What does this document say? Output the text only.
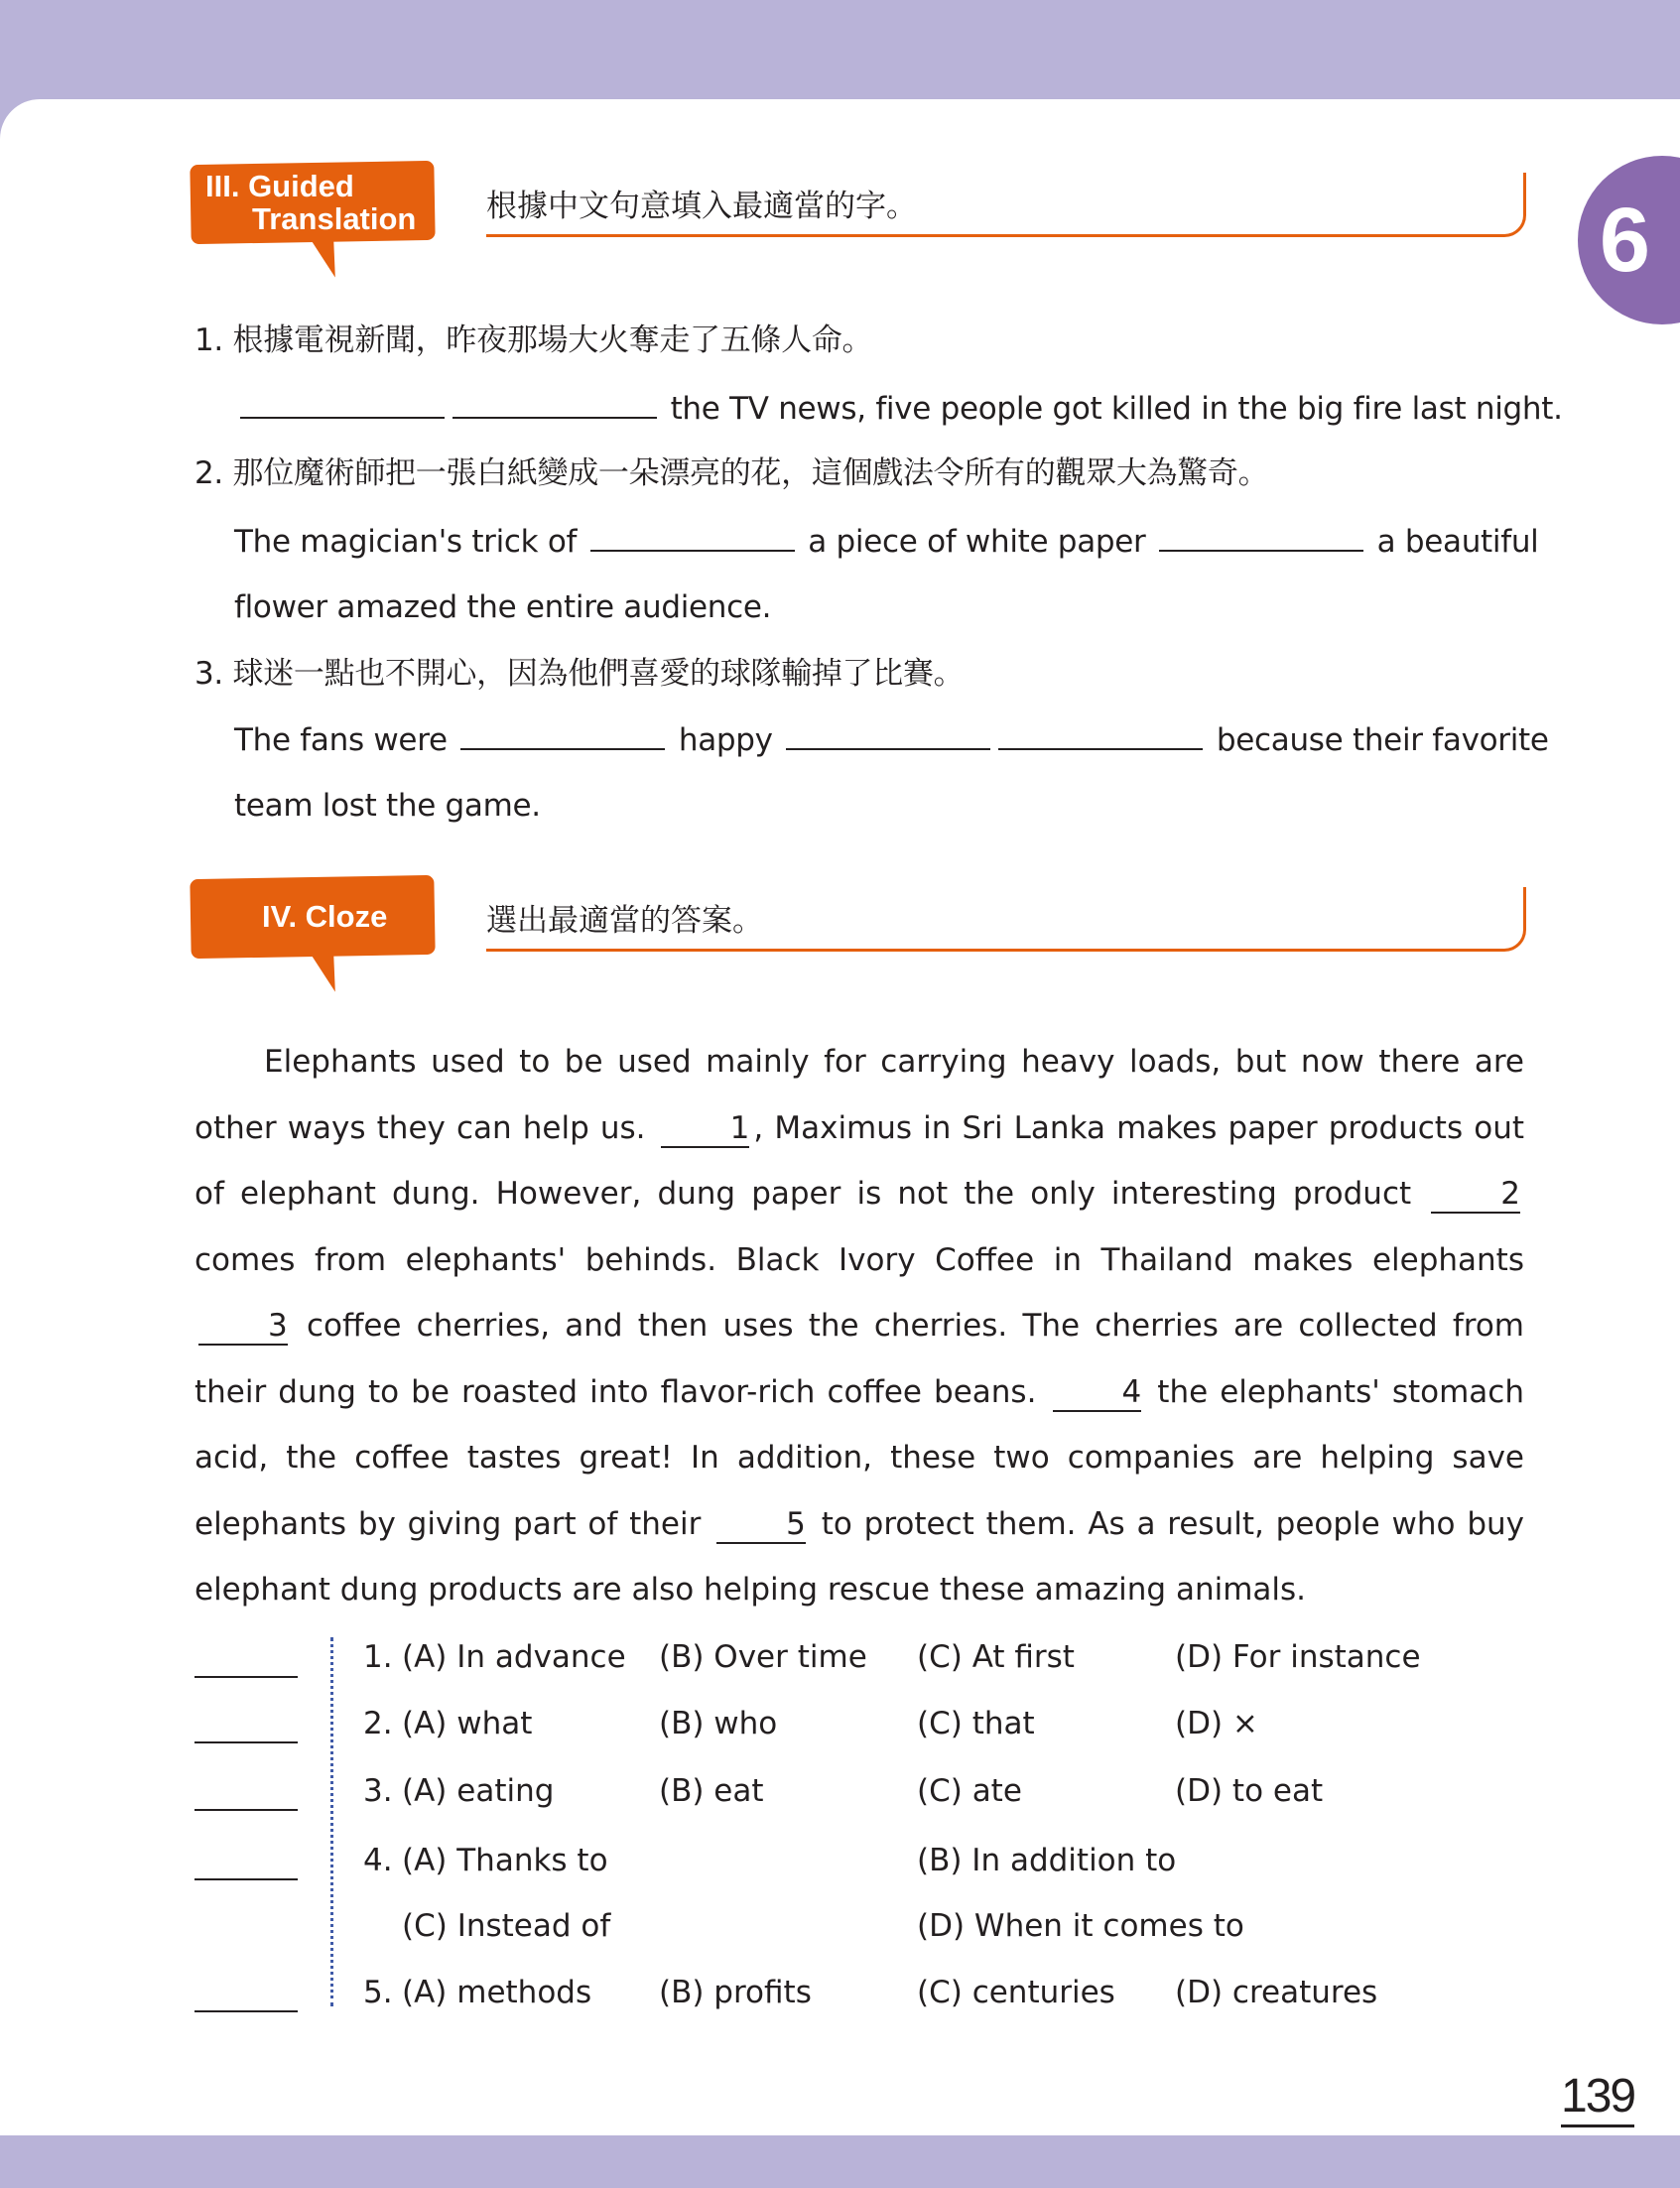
6
III. Guided
Translation 根據中文句意填入最適當的字。
1. 根據電視新聞，昨夜那場大火奪走了五條人命。
the TV news, five people got killed in the big fire last night.
2. 那位魔術師把一張白紙變成一朵漂亮的花，這個戲法令所有的觀眾大為驚奇。
The magician's trick of	a piece of white paper	a beautiful
flower amazed the entire audience.
3. 球迷一點也不開心，因為他們喜愛的球隊輸掉了比賽。
The fans were	happy	because their favorite
team lost the game.
IV. Cloze	選出最適當的答案。

Elephants used to be used mainly for carrying heavy loads, but now there are other ways they can help us.	1 , Maximus in Sri Lanka makes paper products out of elephant dung. However, dung paper is not the only interesting product	2 comes from elephants' behinds. Black Ivory Coffee in Thailand makes elephants 3 coffee cherries, and then uses the cherries. The cherries are collected from their dung to be roasted into flavor-rich coffee beans.	4 the elephants' stomach acid, the coffee tastes great! In addition, these two companies are helping save elephants by giving part of their	5 to protect them. As a result, people who buy elephant dung products are also helping rescue these amazing animals.

1. (A) In advance (B) Over time (C) At first	(D) For instance
2. (A) what	(B) who	(C) that	(D) ×
3. (A) eating	(B) eat	(C) ate	(D) to eat
4. (A) Thanks to	(B) In addition to
(C) Instead of	(D) When it comes to
5. (A) methods (B) profits	(C) centuries (D) creatures
139
